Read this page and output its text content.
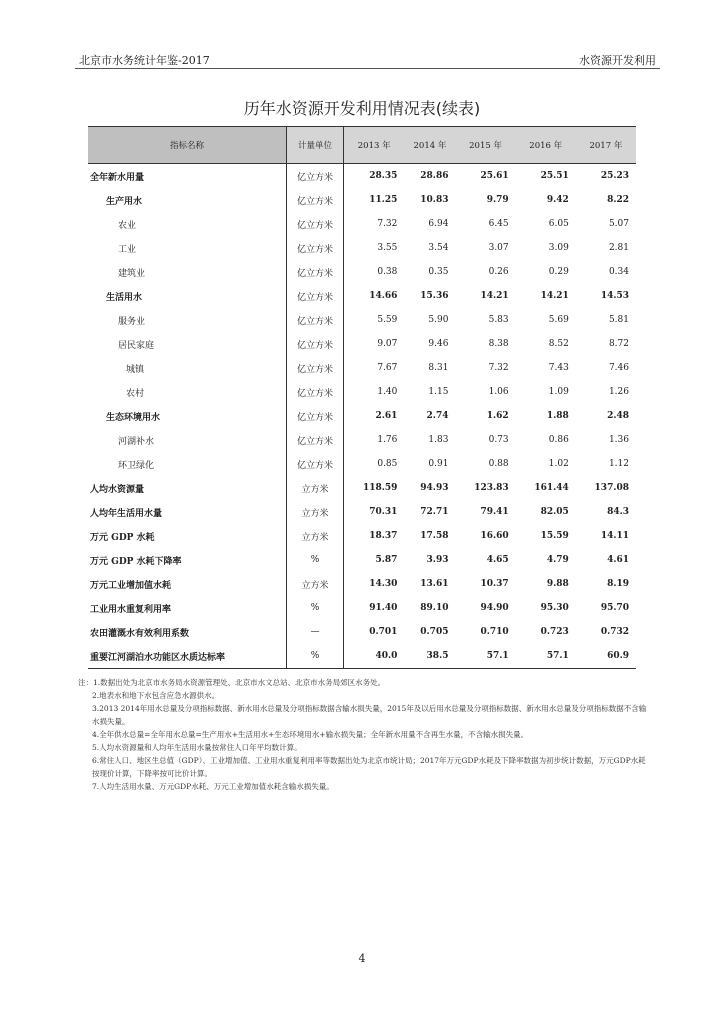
北京市水务统计年鉴-2017	水资源开发利用
历年水资源开发利用情况表(续表)
指标名称	计量单位	2013 年	2014 年	2015 年	2016 年	2017 年
全年新水用量	亿立方米	28.35	28.86	25.61	25.51	25.23
生产用水	亿立方米	11.25	10.83	9.79	9.42	8.22
农业	亿立方米	7.32	6.94	6.45	6.05	5.07
工业	亿立方米	3.55	3.54	3.07	3.09	2.81
建筑业	亿立方米	0.38	0.35	0.26	0.29	0.34
生活用水	亿立方米	14.66	15.36	14.21	14.21	14.53
服务业	亿立方米	5.59	5.90	5.83	5.69	5.81
居民家庭	亿立方米	9.07	9.46	8.38	8.52	8.72
城镇	亿立方米	7.67	8.31	7.32	7.43	7.46
农村	亿立方米	1.40	1.15	1.06	1.09	1.26
生态环境用水	亿立方米	2.61	2.74	1.62	1.88	2.48
河湖补水	亿立方米	1.76	1.83	0.73	0.86	1.36
环卫绿化	亿立方米	0.85	0.91	0.88	1.02	1.12
人均水资源量	立方米	118.59	94.93	123.83	161.44	137.08
人均年生活用水量	立方米	70.31	72.71	79.41	82.05	84.3
万元 GDP 水耗	立方米	18.37	17.58	16.60	15.59	14.11
万元 GDP 水耗下降率	%	5.87	3.93	4.65	4.79	4.61
万元工业增加值水耗	立方米	14.30	13.61	10.37	9.88	8.19
工业用水重复利用率	%	91.40	89.10	94.90	95.30	95.70
农田灌溉水有效利用系数	—	0.701	0.705	0.710	0.723	0.732
重要江河湖泊水功能区水质达标率	%	40.0	38.5	57.1	57.1	60.9

注：1.数据出处为北京市水务局水资源管理处、北京市水文总站、北京市水务局郊区水务处。

2.地表水和地下水包含应急水源供水。

3.2013 2014年用水总量及分项指标数据、新水用水总量及分项指标数据含输水损失量，2015年及以后用水总量及分项指标数据、新水用水总量及分项指标数据不含输水损失量。

4.全年供水总量=全年用水总量=生产用水+生活用水+生态环境用水+输水损失量；全年新水用量不含再生水量，不含输水损失量。

5.人均水资源量和人均年生活用水量按常住人口年平均数计算。

6.常住人口、地区生总值（GDP）、工业增加值、工业用水重复利用率等数据出处为北京市统计局；2017年万元GDP水耗及下降率数据为初步统计数据，万元GDP水耗按现价计算，下降率按可比价计算。

7.人均生活用水量、万元GDP水耗、万元工业增加值水耗含输水损失量。

4
